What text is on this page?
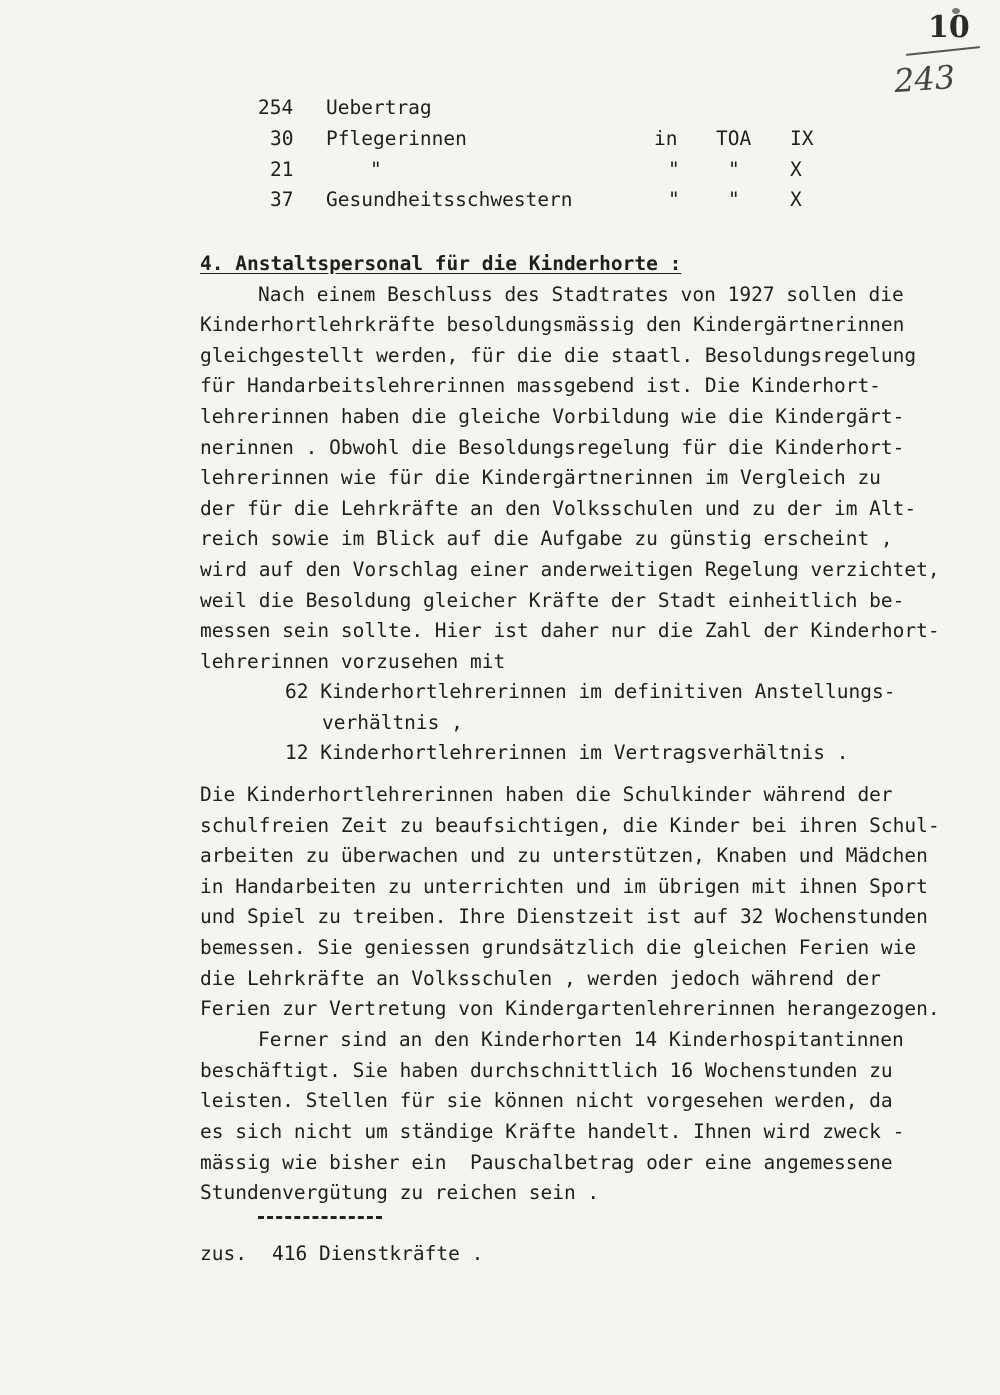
10
243
254 Uebertrag
30 Pflegerinnen	in TOA IX
21	"	" "	X
37 Gesundheitsschwestern	" "	X
4. Anstaltspersonal für die Kinderhorte :
Nach einem Beschluss des Stadtrates von 1927 sollen die
Kinderhortlehrkräfte besoldungsmässig den Kindergärtnerinnen
gleichgestellt werden, für die die staatl. Besoldungsregelung
für Handarbeitslehrerinnen massgebend ist. Die Kinderhort-
lehrerinnen haben die gleiche Vorbildung wie die Kindergärt-
nerinnen . Obwohl die Besoldungsregelung für die Kinderhort-
lehrerinnen wie für die Kindergärtnerinnen im Vergleich zu
der für die Lehrkräfte an den Volksschulen und zu der im Alt-
reich sowie im Blick auf die Aufgabe zu günstig erscheint ,
wird auf den Vorschlag einer anderweitigen Regelung verzichtet,
weil die Besoldung gleicher Kräfte der Stadt einheitlich be-
messen sein sollte. Hier ist daher nur die Zahl der Kinderhort-
lehrerinnen vorzusehen mit
62 Kinderhortlehrerinnen im definitiven Anstellungs-
verhältnis ,
12 Kinderhortlehrerinnen im Vertragsverhältnis .
Die Kinderhortlehrerinnen haben die Schulkinder während der
schulfreien Zeit zu beaufsichtigen, die Kinder bei ihren Schul-
arbeiten zu überwachen und zu unterstützen, Knaben und Mädchen
in Handarbeiten zu unterrichten und im übrigen mit ihnen Sport
und Spiel zu treiben. Ihre Dienstzeit ist auf 32 Wochenstunden
bemessen. Sie geniessen grundsätzlich die gleichen Ferien wie
die Lehrkräfte an Volksschulen , werden jedoch während der
Ferien zur Vertretung von Kindergartenlehrerinnen herangezogen.
Ferner sind an den Kinderhorten 14 Kinderhospitantinnen
beschäftigt. Sie haben durchschnittlich 16 Wochenstunden zu
leisten. Stellen für sie können nicht vorgesehen werden, da
es sich nicht um ständige Kräfte handelt. Ihnen wird zweck -
mässig wie bisher ein  Pauschalbetrag oder eine angemessene
Stundenvergütung zu reichen sein .
zus. 416 Dienstkräfte .
